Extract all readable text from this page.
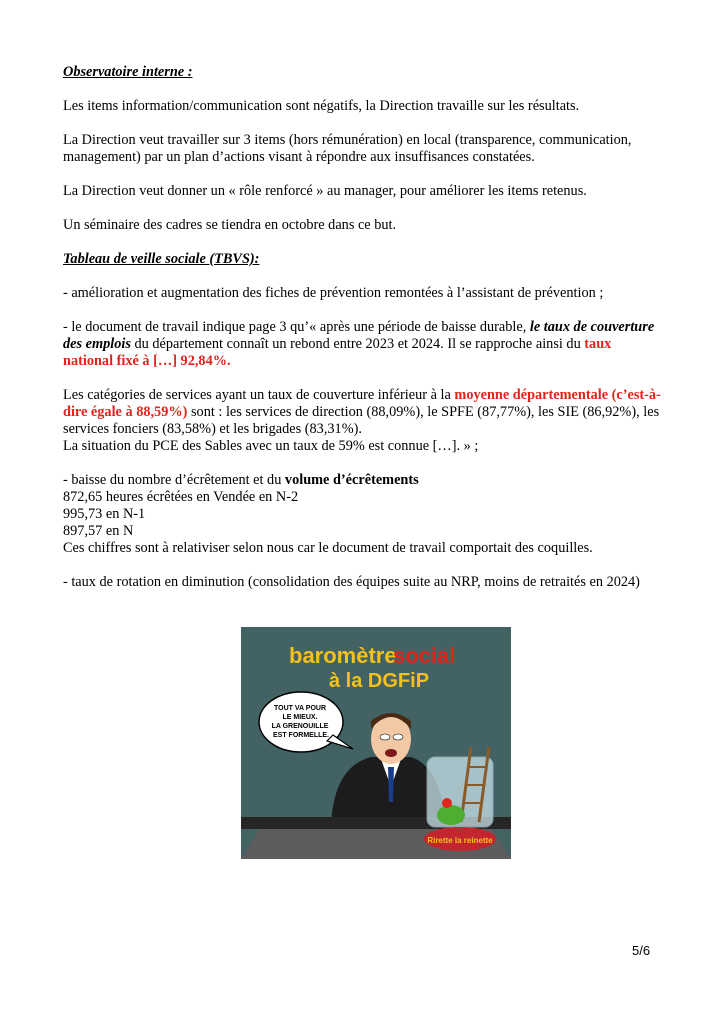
Observatoire interne :

Les items information/communication sont négatifs, la Direction travaille sur les résultats.

La Direction veut travailler sur 3 items (hors rémunération) en local (transparence, communication, management) par un plan d’actions visant à répondre aux insuffisances constatées.

La Direction veut donner un « rôle renforcé » au manager, pour améliorer les items retenus.

Un séminaire des cadres se tiendra en octobre dans ce but.

Tableau de veille sociale (TBVS):

- amélioration et augmentation des fiches de prévention remontées à l’assistant de prévention ;

- le document de travail indique page 3 qu’« après une période de baisse durable, le taux de couverture des emplois du département connaît un rebond entre 2023 et 2024. Il se rapproche ainsi du taux national fixé à […] 92,84%.

Les catégories de services ayant un taux de couverture inférieur à la moyenne départementale (c’est-à-dire égale à 88,59%) sont : les services de direction (88,09%), le SPFE (87,77%), les SIE (86,92%), les services fonciers (83,58%) et les brigades (83,31%).
La situation du PCE des Sables avec un taux de 59% est connue […]. » ;

- baisse du nombre d’écrêtement et du volume d’écrêtements
872,65 heures écrêtées en Vendée en N-2
995,73 en N-1
897,57 en N
Ces chiffres sont à relativiser selon nous car le document de travail comportait des coquilles.

- taux de rotation en diminution (consolidation des équipes suite au NRP, moins de retraités en 2024)

baromètre
social
à la DGFiP
TOUT VA POUR LE MIEUX. LA GRENOUILLE EST FORMELLE.
Rirette la reinette
5/6
